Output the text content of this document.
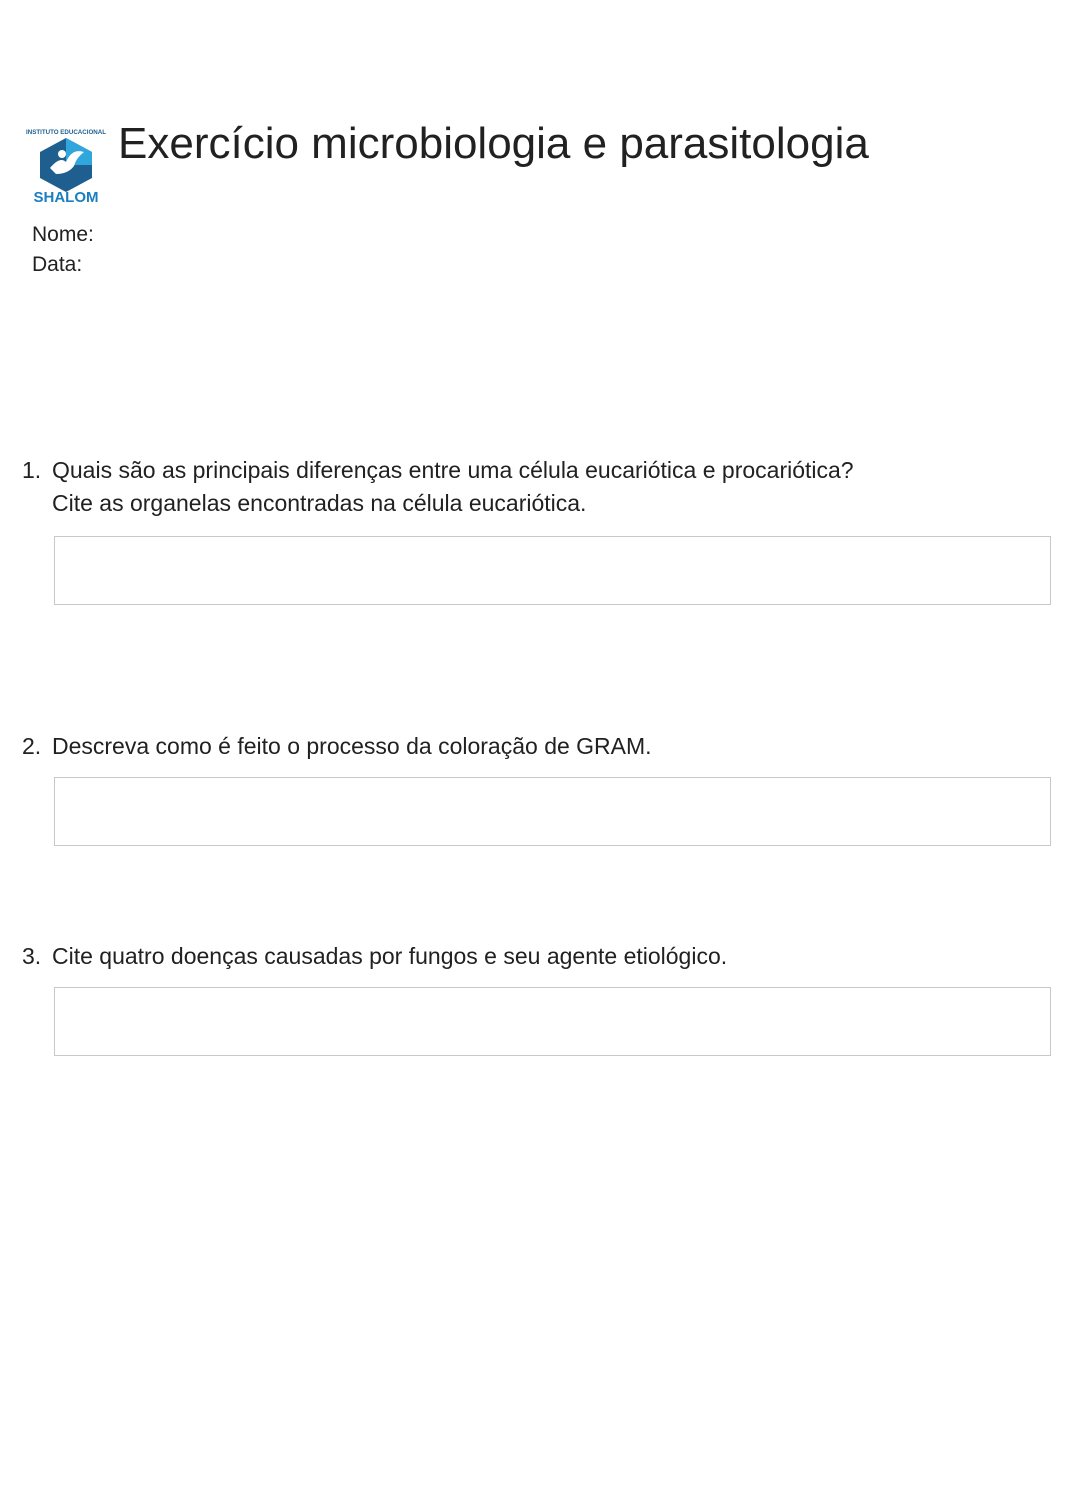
INSTITUTO EDUCACIONAL
SHALOM
Exercício microbiologia e parasitologia
Nome:
Data:
1. Quais são as principais diferenças entre uma célula eucariótica e procariótica?
Cite as organelas encontradas na célula eucariótica.
2. Descreva como é feito o processo da coloração de GRAM.
3. Cite quatro doenças causadas por fungos e seu agente etiológico.
